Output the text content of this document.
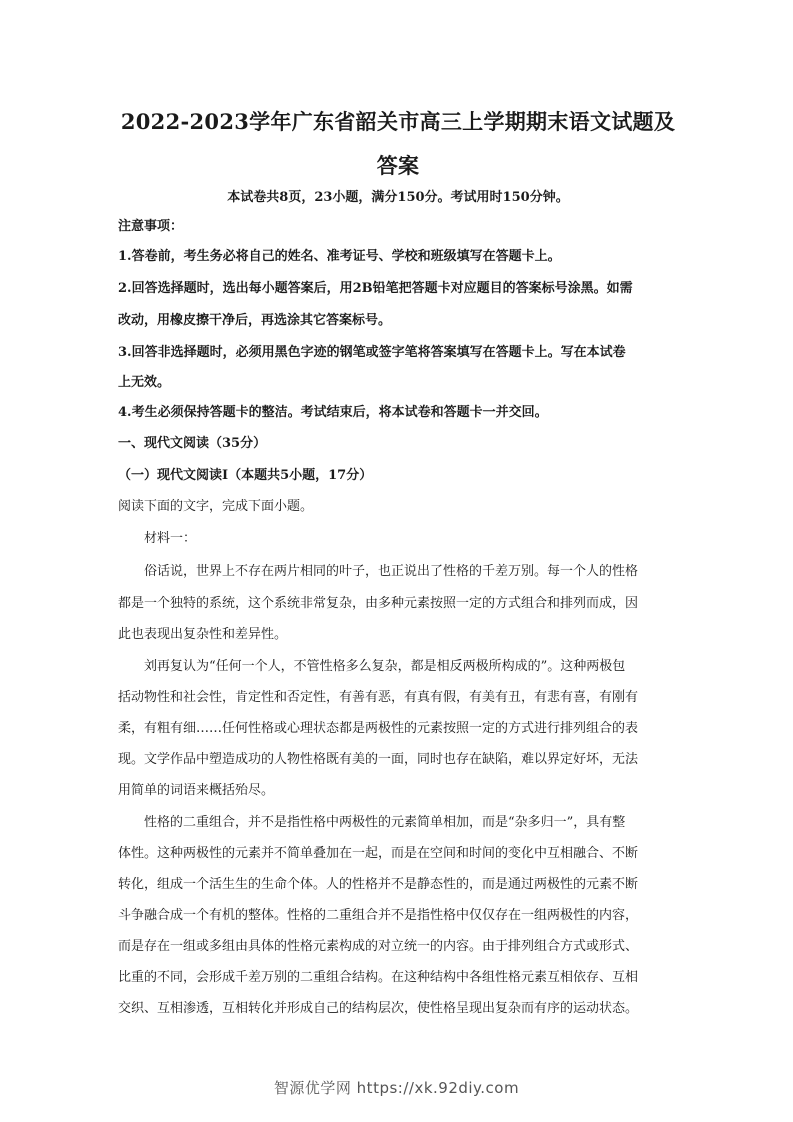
2022-2023学年广东省韶关市高三上学期期末语文试题及答案
本试卷共8页，23小题，满分150分。考试用时150分钟。
注意事项：
1.答卷前，考生务必将自己的姓名、准考证号、学校和班级填写在答题卡上。
2.回答选择题时，选出每小题答案后，用2B铅笔把答题卡对应题目的答案标号涂黑。如需
改动，用橡皮擦干净后，再选涂其它答案标号。
3.回答非选择题时，必须用黑色字迹的钢笔或签字笔将答案填写在答题卡上。写在本试卷
上无效。
4.考生必须保持答题卡的整洁。考试结束后，将本试卷和答题卡一并交回。
一、现代文阅读（35分）
（一）现代文阅读Ⅰ（本题共5小题，17分）
阅读下面的文字，完成下面小题。
材料一：
俗话说，世界上不存在两片相同的叶子，也正说出了性格的千差万别。每一个人的性格
都是一个独特的系统，这个系统非常复杂，由多种元素按照一定的方式组合和排列而成，因
此也表现出复杂性和差异性。
刘再复认为“任何一个人，不管性格多么复杂，都是相反两极所构成的”。这种两极包
括动物性和社会性，肯定性和否定性，有善有恶，有真有假，有美有丑，有悲有喜，有刚有
柔，有粗有细……任何性格或心理状态都是两极性的元素按照一定的方式进行排列组合的表
现。文学作品中塑造成功的人物性格既有美的一面，同时也存在缺陷，难以界定好坏，无法
用简单的词语来概括殆尽。
性格的二重组合，并不是指性格中两极性的元素简单相加，而是“杂多归一”，具有整
体性。这种两极性的元素并不简单叠加在一起，而是在空间和时间的变化中互相融合、不断
转化，组成一个活生生的生命个体。人的性格并不是静态性的，而是通过两极性的元素不断
斗争融合成一个有机的整体。性格的二重组合并不是指性格中仅仅存在一组两极性的内容，
而是存在一组或多组由具体的性格元素构成的对立统一的内容。由于排列组合方式或形式、
比重的不同，会形成千差万别的二重组合结构。在这种结构中各组性格元素互相依存、互相
交织、互相渗透，互相转化并形成自己的结构层次，使性格呈现出复杂而有序的运动状态。
智源优学网 https://xk.92diy.com
